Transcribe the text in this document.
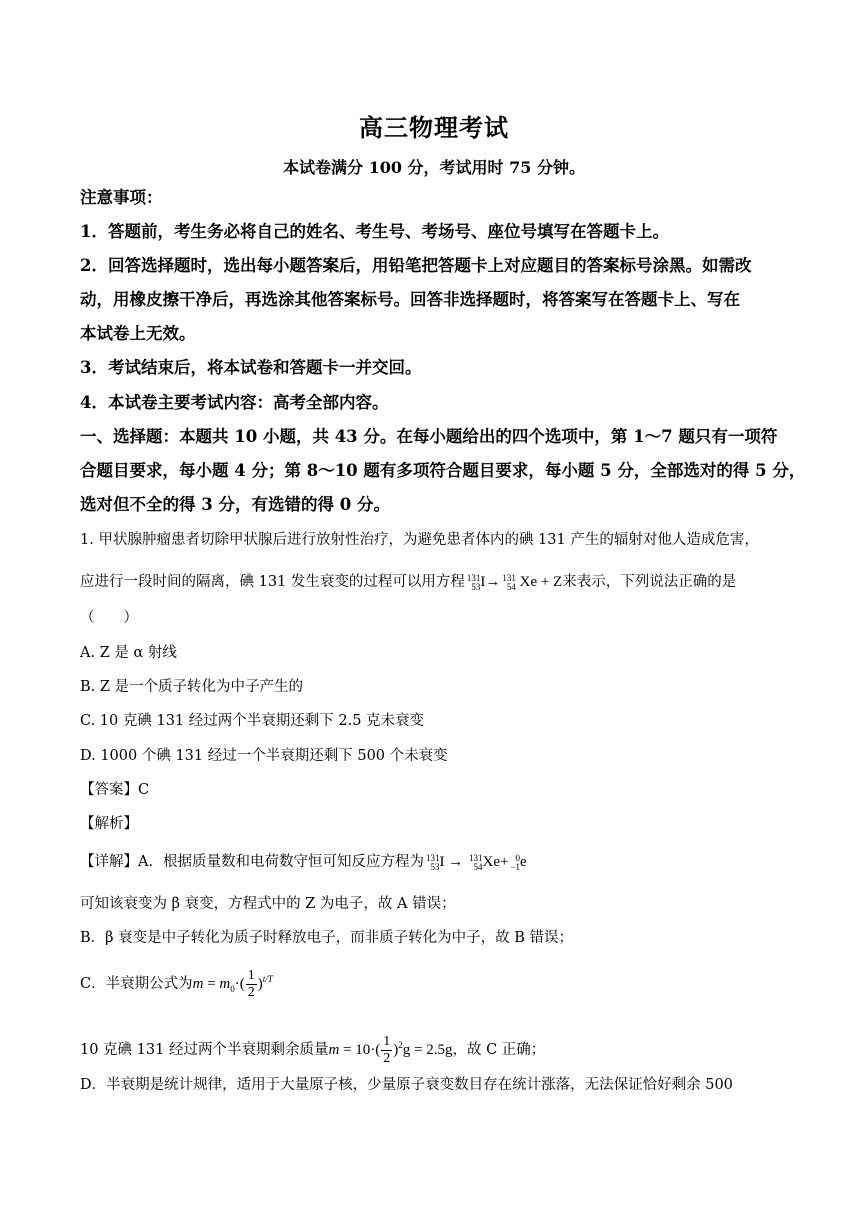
高三物理考试
本试卷满分 100 分，考试用时 75 分钟。
注意事项：
1．答题前，考生务必将自己的姓名、考生号、考场号、座位号填写在答题卡上。
2．回答选择题时，选出每小题答案后，用铅笔把答题卡上对应题目的答案标号涂黑。如需改
动，用橡皮擦干净后，再选涂其他答案标号。回答非选择题时，将答案写在答题卡上、写在
本试卷上无效。
3．考试结束后，将本试卷和答题卡一并交回。
4．本试卷主要考试内容：高考全部内容。
一、选择题：本题共 10 小题，共 43 分。在每小题给出的四个选项中，第 1～7 题只有一项符
合题目要求，每小题 4 分；第 8～10 题有多项符合题目要求，每小题 5 分，全部选对的得 5 分，
选对但不全的得 3 分，有选错的得 0 分。
1. 甲状腺肿瘤患者切除甲状腺后进行放射性治疗，为避免患者体内的碘 131 产生的辐射对他人造成危害，
应进行一段时间的隔离，碘 131 发生衰变的过程可以用方程 131
53 I→ 131
54 Xe + Z来表示，下列说法正确的是
（　　）
A. Z 是 α 射线
B. Z 是一个质子转化为中子产生的
C. 10 克碘 131 经过两个半衰期还剩下 2.5 克未衰变
D. 1000 个碘 131 经过一个半衰期还剩下 500 个未衰变
【答案】C
【解析】
【详解】A．根据质量数和电荷数守恒可知反应方程为 131
53 I → 131
54 Xe+ 0
−1 e
可知该衰变为 β 衰变，方程式中的 Z 为电子，故 A 错误；
B．β 衰变是中子转化为质子时释放电子，而非质子转化为中子，故 B 错误；
C．半衰期公式为$m = m_0\cdot( \frac{1}{2} )^{t/T}$
10 克碘 131 经过两个半衰期剩余质量$m = 10\cdot( \frac{1}{2} )^2g = 2.5g$，故 C 正确；
D．半衰期是统计规律，适用于大量原子核，少量原子衰变数目存在统计涨落，无法保证恰好剩余 500
